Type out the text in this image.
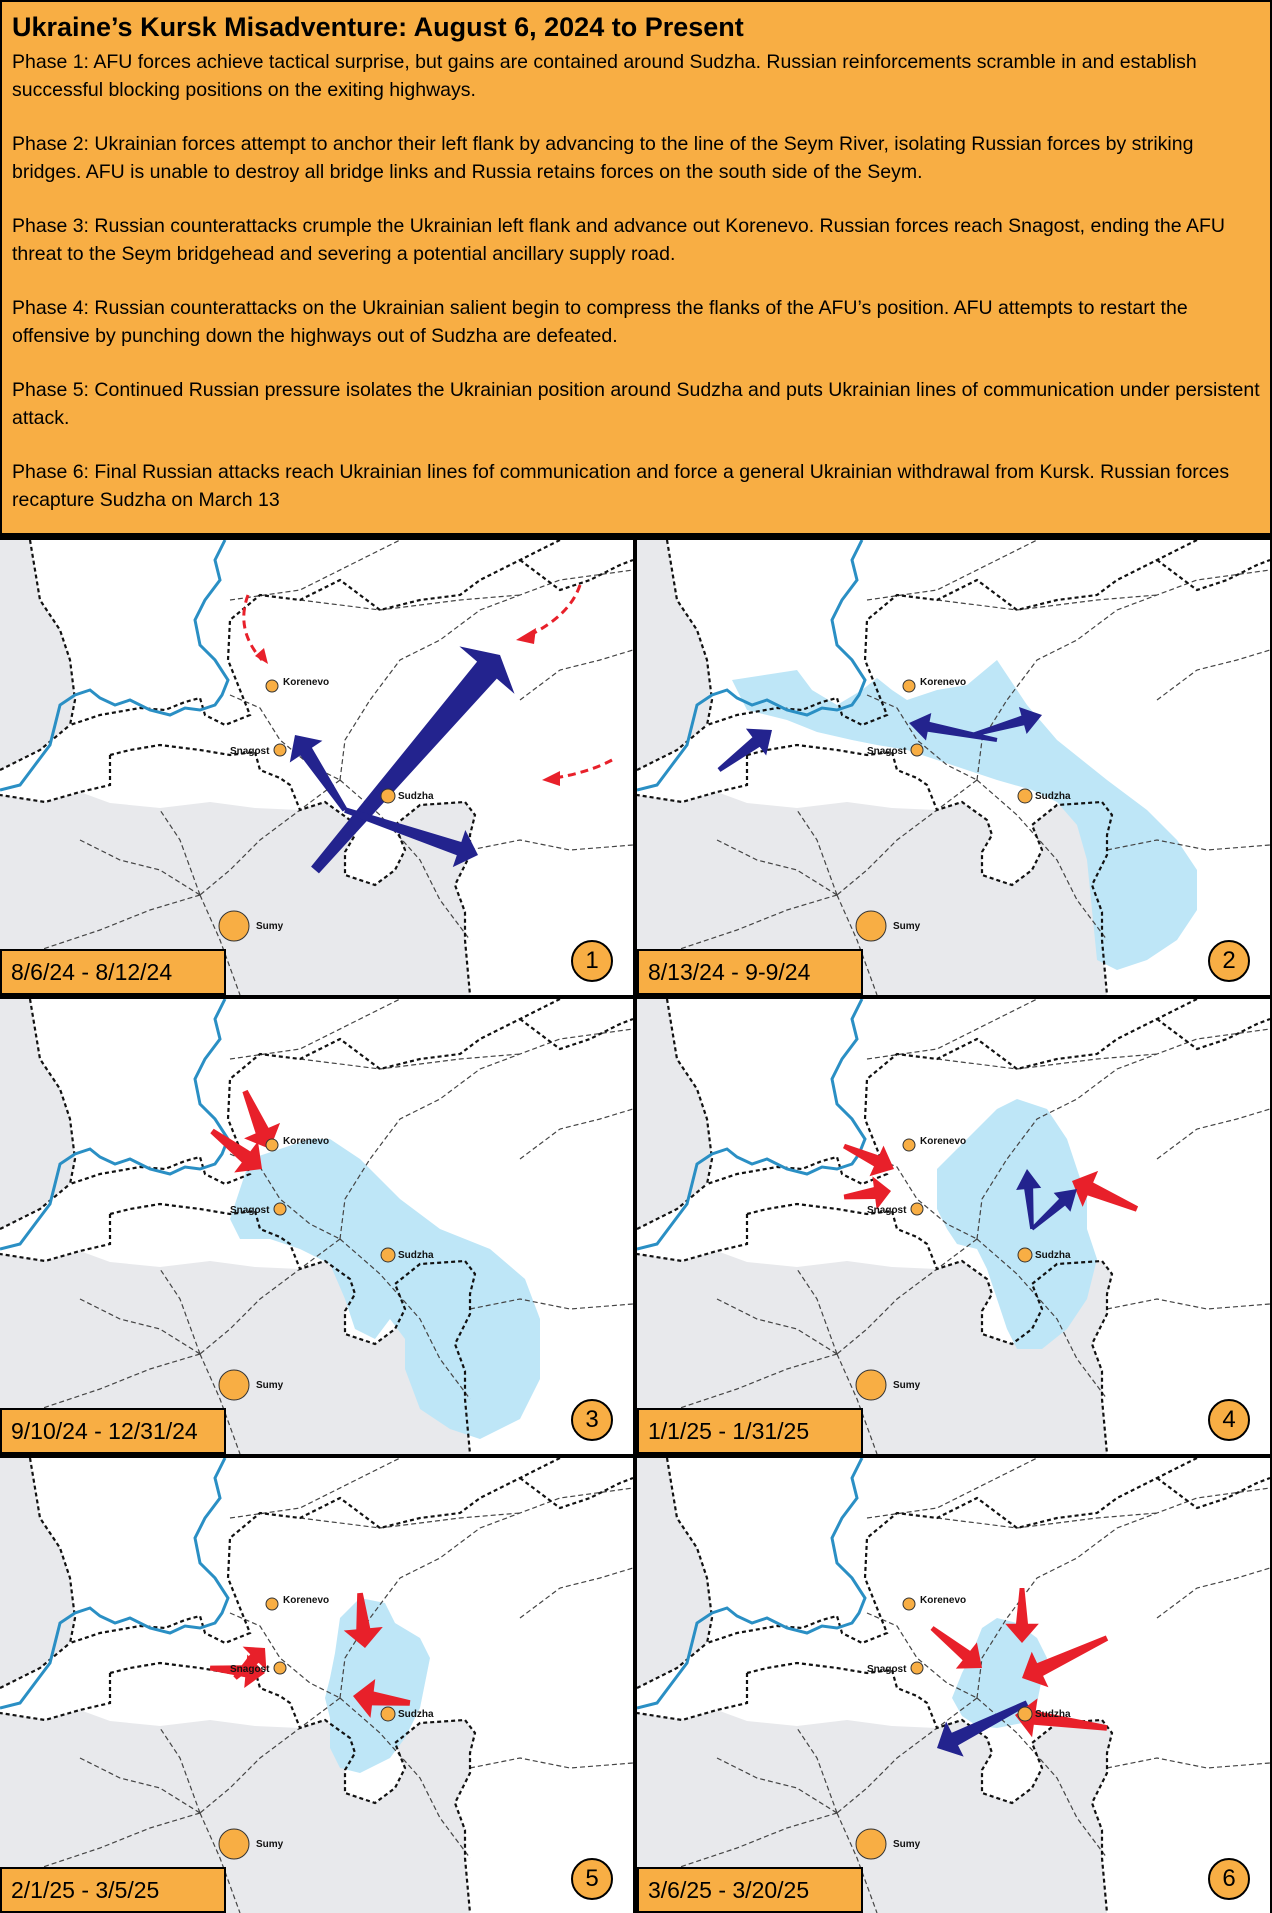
Ukraine’s Kursk Misadventure: August 6, 2024 to Present
Phase 1: AFU forces achieve tactical surprise, but gains are contained around Sudzha. Russian reinforcements scramble in and establish successful blocking positions on the exiting highways.
Phase 2: Ukrainian forces attempt to anchor their left flank by advancing to the line of the Seym River, isolating Russian forces by striking bridges. AFU is unable to destroy all bridge links and Russia retains forces on the south side of the Seym.
Phase 3: Russian counterattacks crumple the Ukrainian left flank and advance out Korenevo. Russian forces reach Snagost, ending the AFU threat to the Seym bridgehead and severing a potential ancillary supply road.
Phase 4: Russian counterattacks on the Ukrainian salient begin to compress the flanks of the AFU’s position. AFU attempts to restart the offensive by punching down the highways out of Sudzha are defeated.
Phase 5: Continued Russian pressure isolates the Ukrainian position around Sudzha and puts Ukrainian lines of communication under persistent attack.
Phase 6: Final Russian attacks reach Ukrainian lines fof communication and force a general Ukrainian withdrawal from Kursk. Russian forces recapture Sudzha on March 13
Korenevo
Snagost
Sudzha
Sumy
8/6/24 - 8/12/24	1
Korenevo
Snagost
Sudzha
Sumy
8/13/24 - 9-9/24	2
Korenevo
Snagost
Sudzha
Sumy
9/10/24 - 12/31/24	3
Korenevo
Snagost
Sudzha
Sumy
1/1/25 - 1/31/25	4
Korenevo
Snagost
Sudzha
Sumy
2/1/25 - 3/5/25	5
Korenevo
Snagost
Sudzha
Sumy
3/6/25 - 3/20/25	6
